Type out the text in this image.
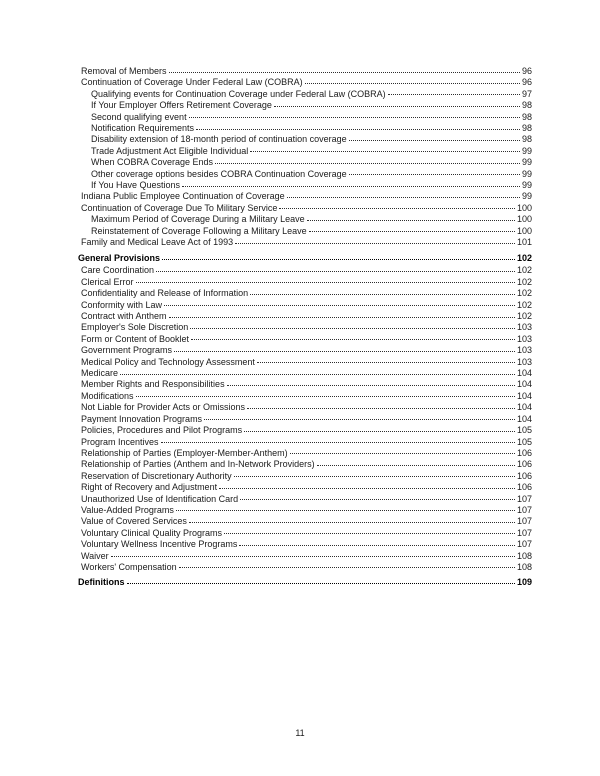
Removal of Members	96
Continuation of Coverage Under Federal Law (COBRA)	96
Qualifying events for Continuation Coverage under Federal Law (COBRA)	97
If Your Employer Offers Retirement Coverage	98
Second qualifying event	98
Notification Requirements	98
Disability extension of 18-month period of continuation coverage	98
Trade Adjustment Act Eligible Individual	99
When COBRA Coverage Ends	99
Other coverage options besides COBRA Continuation Coverage	99
If You Have Questions	99
Indiana Public Employee Continuation of Coverage	99
Continuation of Coverage Due To Military Service	100
Maximum Period of Coverage During a Military Leave	100
Reinstatement of Coverage Following a Military Leave	100
Family and Medical Leave Act of 1993	101
General Provisions	102
Care Coordination	102
Clerical Error	102
Confidentiality and Release of Information	102
Conformity with Law	102
Contract with Anthem	102
Employer's Sole Discretion	103
Form or Content of Booklet	103
Government Programs	103
Medical Policy and Technology Assessment	103
Medicare	104
Member Rights and Responsibilities	104
Modifications	104
Not Liable for Provider Acts or Omissions	104
Payment Innovation Programs	104
Policies, Procedures and Pilot Programs	105
Program Incentives	105
Relationship of Parties (Employer-Member-Anthem)	106
Relationship of Parties (Anthem and In-Network Providers)	106
Reservation of Discretionary Authority	106
Right of Recovery and Adjustment	106
Unauthorized Use of Identification Card	107
Value-Added Programs	107
Value of Covered Services	107
Voluntary Clinical Quality Programs	107
Voluntary Wellness Incentive Programs	107
Waiver	108
Workers' Compensation	108
Definitions	109
11
